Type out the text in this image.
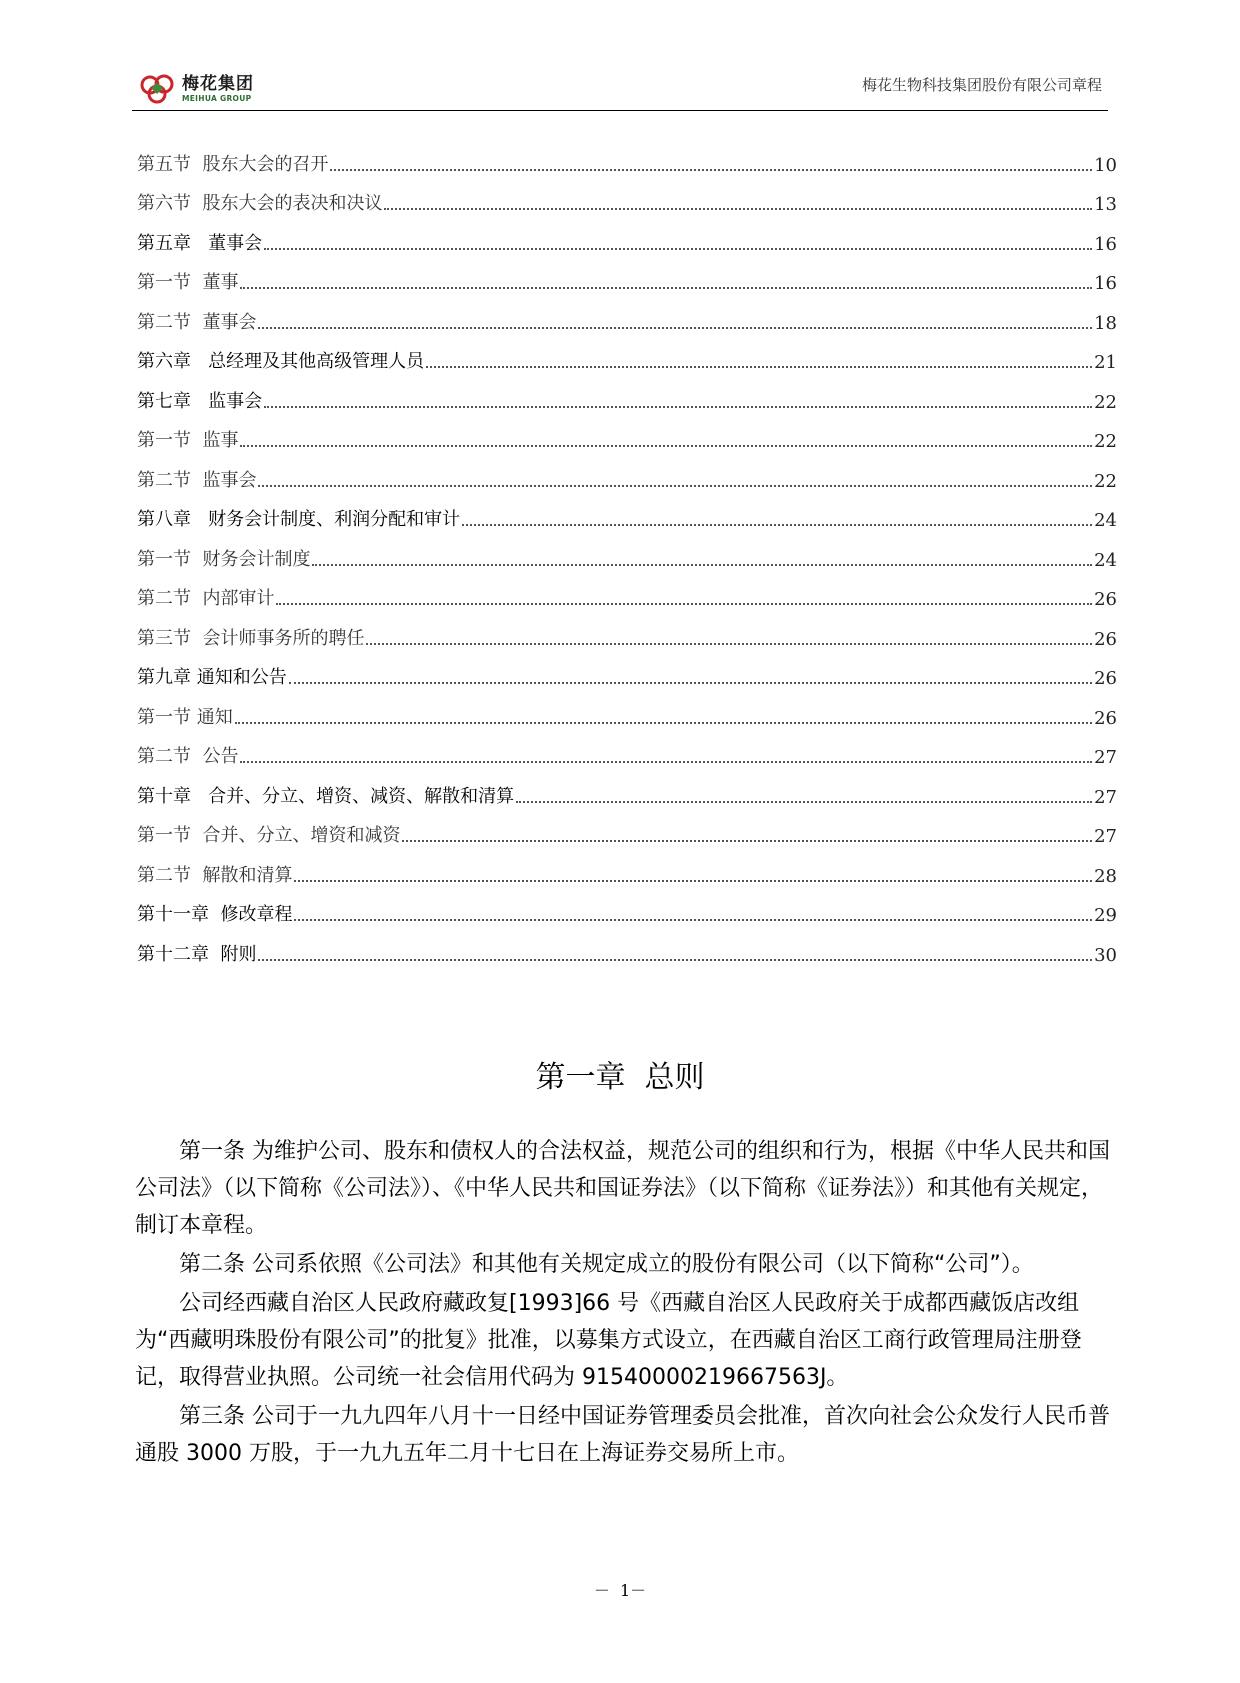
梅花集团
MEIHUA GROUP
梅花生物科技集团股份有限公司章程
第五节  股东大会的召开	10
第六节  股东大会的表决和决议	13
第五章   董事会	16
第一节  董事	16
第二节  董事会	18
第六章   总经理及其他高级管理人员	21
第七章   监事会	22
第一节  监事	22
第二节  监事会	22
第八章   财务会计制度、利润分配和审计	24
第一节  财务会计制度	24
第二节  内部审计	26
第三节  会计师事务所的聘任	26
第九章 通知和公告	26
第一节 通知	26
第二节  公告	27
第十章   合并、分立、增资、减资、解散和清算	27
第一节  合并、分立、增资和减资	27
第二节  解散和清算	28
第十一章  修改章程	29
第十二章  附则	30
第一章  总则

第一条 为维护公司、股东和债权人的合法权益，规范公司的组织和行为，根据《中华人民共和国公司法》（以下简称《公司法》）、《中华人民共和国证券法》（以下简称《证券法》）和其他有关规定，制订本章程。

第二条 公司系依照《公司法》和其他有关规定成立的股份有限公司（以下简称“公司”）。

公司经西藏自治区人民政府藏政复[1993]66 号《西藏自治区人民政府关于成都西藏饭店改组为“西藏明珠股份有限公司”的批复》批准，以募集方式设立，在西藏自治区工商行政管理局注册登记，取得营业执照。公司统一社会信用代码为 91540000219667563J。

第三条 公司于一九九四年八月十一日经中国证券管理委员会批准，首次向社会公众发行人民币普通股 3000 万股，于一九九五年二月十七日在上海证券交易所上市。

－  1－
